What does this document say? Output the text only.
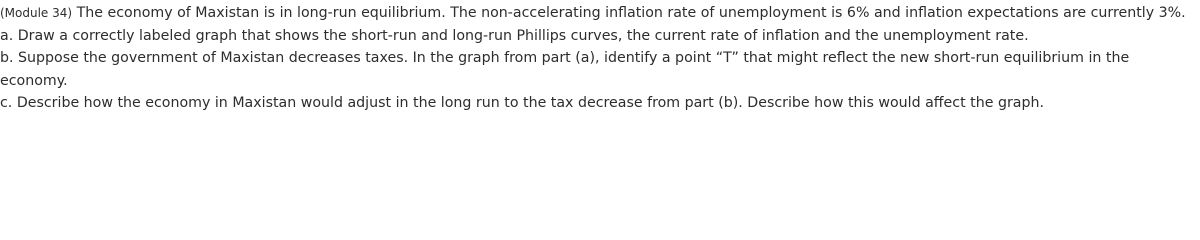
(Module 34) The economy of Maxistan is in long-run equilibrium. The non-accelerating inflation rate of unemployment is 6% and inflation expectations are currently 3%.

a. Draw a correctly labeled graph that shows the short-run and long-run Phillips curves, the current rate of inflation and the unemployment rate.

b. Suppose the government of Maxistan decreases taxes. In the graph from part (a), identify a point “T” that might reflect the new short-run equilibrium in the economy.

c. Describe how the economy in Maxistan would adjust in the long run to the tax decrease from part (b). Describe how this would affect the graph.
